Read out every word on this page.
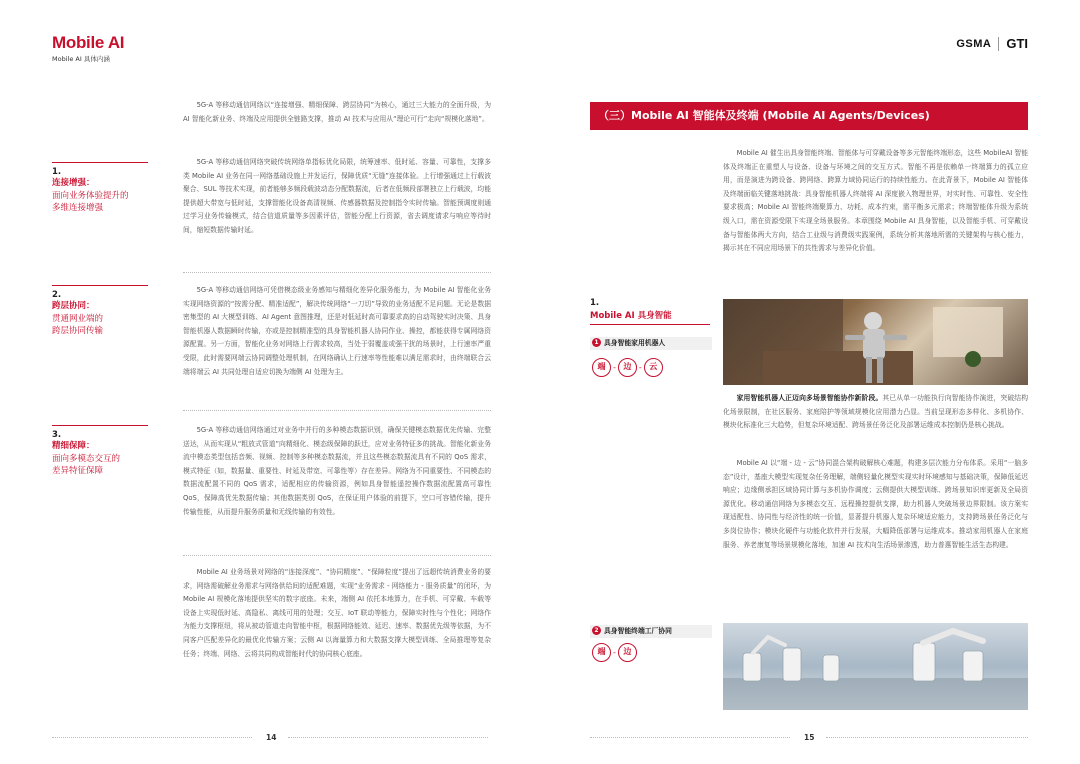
Mobile AI
Mobile AI 具体内涵
GSMA GTI
5G-A 等移动通信网络以“连接增强、精细保障、跨层协同”为核心，通过三大能力的全面升级，为 AI 智能化新业务、终端及应用提供全链路支撑，推动 AI 技术与应用从“理论可行”走向“规模化落地”。
1.
连接增强：
面向业务体验提升的
多维连接增强
5G-A 等移动通信网络突破传统网络单指标优化局限，统筹速率、低时延、容量、可靠性，支撑多类 Mobile AI 业务在同一网络基础设施上并发运行，保障优质“无缝”连接体验。上行增强通过上行载波聚合、SUL 等技术实现，前者能够多频段载波动态分配数据流，后者在低频段部署独立上行载波，均能提供超大带宽与低时延，支撑智能化设备高清视频、传感器数据及控制指令实时传输。智能预调度则通过学习业务传输模式，结合信道质量等多因素评估，智能分配上行资源，省去调度请求与响应等待时间，缩短数据传输时延。
2.
跨层协同：
贯通网业端的
跨层协同传输
5G-A 等移动通信网络可凭借模态级业务感知与精细化差异化服务能力，为 Mobile AI 智能化业务实现网络资源的“按需分配、精准适配”，解决传统网络“一刀切”导致的业务适配不足问题。无论是数据密集型的 AI 大模型训练、AI Agent 意图推理，还是对低延时高可靠要求高的自动驾驶实时决策、具身智能机器人数据瞬时传输，亦或是控制精准型的具身智能机器人协同作业、操控，都能获得专属网络资源配置。另一方面，智能化业务对网络上行需求较高，当处于弱覆盖或强干扰的场景时，上行速率严重受限，此时需要网端云协同调整处理机制，在网络确认上行速率等性能难以满足需求时，由终端联合云端将端云 AI 共同处理自适应切换为端侧 AI 处理为主。
3.
精细保障：
面向多模态交互的
差异特征保障
5G-A 等移动通信网络通过对业务中并行的多种模态数据识别，确保关键模态数据优先传输、完整送达，从而实现从“粗放式管道”向精细化、模态级保障的跃迁，应对业务特征多的挑战。智能化新业务流中模态类型包括音频、视频、控制等多种模态数据流，并且这些模态数据流具有不同的 QoS 需求，模式特征（如，数据量、重要性、时延及带宽、可靠性等）存在差异。网络为不同重要性、不同模态的数据流配置不同的 QoS 需求，适配相应的传输资源，例如具身智能遥控操作数据流配置高可靠性QoS，保障高优先数据传输；其他数据类别 QoS，在保证用户体验的前提下，空口可容错传输，提升传输性能，从而提升服务质量和无线传输的有效性。
Mobile AI 业务场景对网络的“连接深度”、“协同精度”、“保障粒度”提出了远超传统消费业务的要求，网络需破解业务需求与网络供给间的适配难题，实现“业务需求 - 网络能力 - 服务质量”的闭环，为 Mobile AI 规模化落地提供坚实的数字底座。未来，端侧 AI 依托本地算力，在手机、可穿戴、车载等设备上实现低时延、高隐私、离线可用的处理；交互、IoT 联动等能力，保障实时性与个性化；网络作为能力支撑枢纽，将从被动管道走向智能中枢，根据网络能效、延迟、速率、数据优先级等依据，为不同客户匹配差异化的最优化传输方案；云侧 AI 以海量算力和大数据支撑大模型训练、全局推理等复杂任务；终端、网络、云将共同构成智能时代的协同核心底座。
14
（三）Mobile AI 智能体及终端 (Mobile AI Agents/Devices)
Mobile AI 催生出具身智能终端、智能体与可穿戴设备等多元智能终端形态，这些 MobileAI 智能体及终端正在重塑人与设备、设备与环境之间的交互方式。智能不再是依赖单一终端算力的孤立应用，而是演进为跨设备、跨网络、跨算力域协同运行的持续性能力。在此背景下，Mobile AI 智能体及终端面临关键落地挑战：具身智能机器人终端将 AI 深度嵌入物理世界，对实时性、可靠性、安全性要求极高；Mobile AI 智能终端聚算力、功耗、成本约束，需平衡多元需求；终端智能体升级为系统级入口，需在资源受限下实现全场景服务。本章围绕 Mobile AI 具身智能，以及智能手机、可穿戴设备与智能体两大方向，结合工业级与消费级实践案例，系统分析其落地所需的关键架构与核心能力，揭示其在不同应用场景下的共性需求与差异化价值。
1.
Mobile AI 具身智能
1 具身智能家用机器人
端 - 边 - 云
家用智能机器人正迈向多场景智能协作新阶段。其已从单一功能执行向智能协作演进，突破结构化场景限制，在社区服务、家庭陪护等领域规模化应用潜力凸显。当前呈现形态多样化、多机协作、模块化标准化三大趋势，但复杂环境适配、跨场景任务泛化及部署运维成本控制仍是核心挑战。
Mobile AI 以“端 - 边 - 云”协同混合架构破解核心难题，构建多层次能力分布体系。采用“一脑多态”设计，基座大模型实现复杂任务理解，端侧轻量化模型实现实时环境感知与基础决策，保障低延迟响应；边缘侧承担区域协同计算与多机协作调度；云侧提供大模型训练、跨场景知识库更新及全局资源优化。移动通信网络为多模态交互、远程操控提供支撑，助力机器人突破场景边界限制。该方案实现适配性、协同性与经济性的统一价值，显著提升机器人复杂环境适应能力，支持跨场景任务泛化与多岗位协作；模块化硬件与功能化软件并行发展，大幅降低部署与运维成本。推动家用机器人在家庭服务、养老康复等场景规模化落地，加速 AI 技术向生活场景渗透，助力普惠智能生活生态构建。
2 具身智能终端工厂协同
端 - 边
15
